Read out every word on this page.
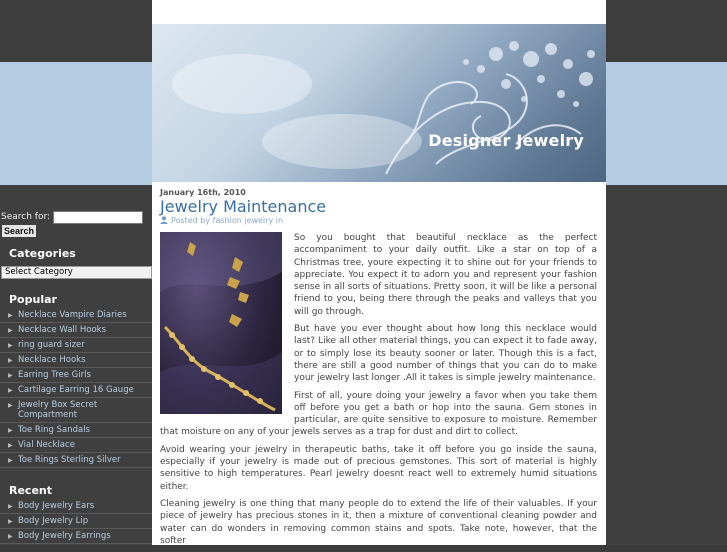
Search for:
Search
Categories
Select Category
Popular
▶ Necklace Vampire Diaries
▶ Necklace Wall Hooks
▶ ring guard sizer
▶ Necklace Hooks
▶ Earring Tree Girls
▶ Cartilage Earring 16 Gauge
▶ Jewelry Box Secret Compartment
▶ Toe Ring Sandals
▶ Vial Necklace
▶ Toe Rings Sterling Silver
Recent
▶ Body Jewelry Ears
▶ Body Jewelry Lip
▶ Body Jewelry Earrings
Designer Jewelry
January 16th, 2010
Jewelry Maintenance
Posted by fashion jewelry in

So you bought that beautiful necklace as the perfect accompaniment to your daily outfit. Like a star on top of a Christmas tree, youre expecting it to shine out for your friends to appreciate. You expect it to adorn you and represent your fashion sense in all sorts of situations. Pretty soon, it will be like a personal friend to you, being there through the peaks and valleys that you will go through.

But have you ever thought about how long this necklace would last? Like all other material things, you can expect it to fade away, or to simply lose its beauty sooner or later. Though this is a fact, there are still a good number of things that you can do to make your jewelry last longer .All it takes is simple jewelry maintenance.

First of all, youre doing your jewelry a favor when you take them off before you get a bath or hop into the sauna. Gem stones in particular, are quite sensitive to exposure to moisture. Remember that moisture on any of your jewels serves as a trap for dust and dirt to collect.

Avoid wearing your jewelry in therapeutic baths, take it off before you go inside the sauna, especially if your jewelry is made out of precious gemstones. This sort of material is highly sensitive to high temperatures. Pearl jewelry doesnt react well to extremely humid situations either.

Cleaning jewelry is one thing that many people do to extend the life of their valuables. If your piece of jewelry has precious stones in it, then a mixture of conventional cleaning powder and water can do wonders in removing common stains and spots. Take note, however, that the softer
